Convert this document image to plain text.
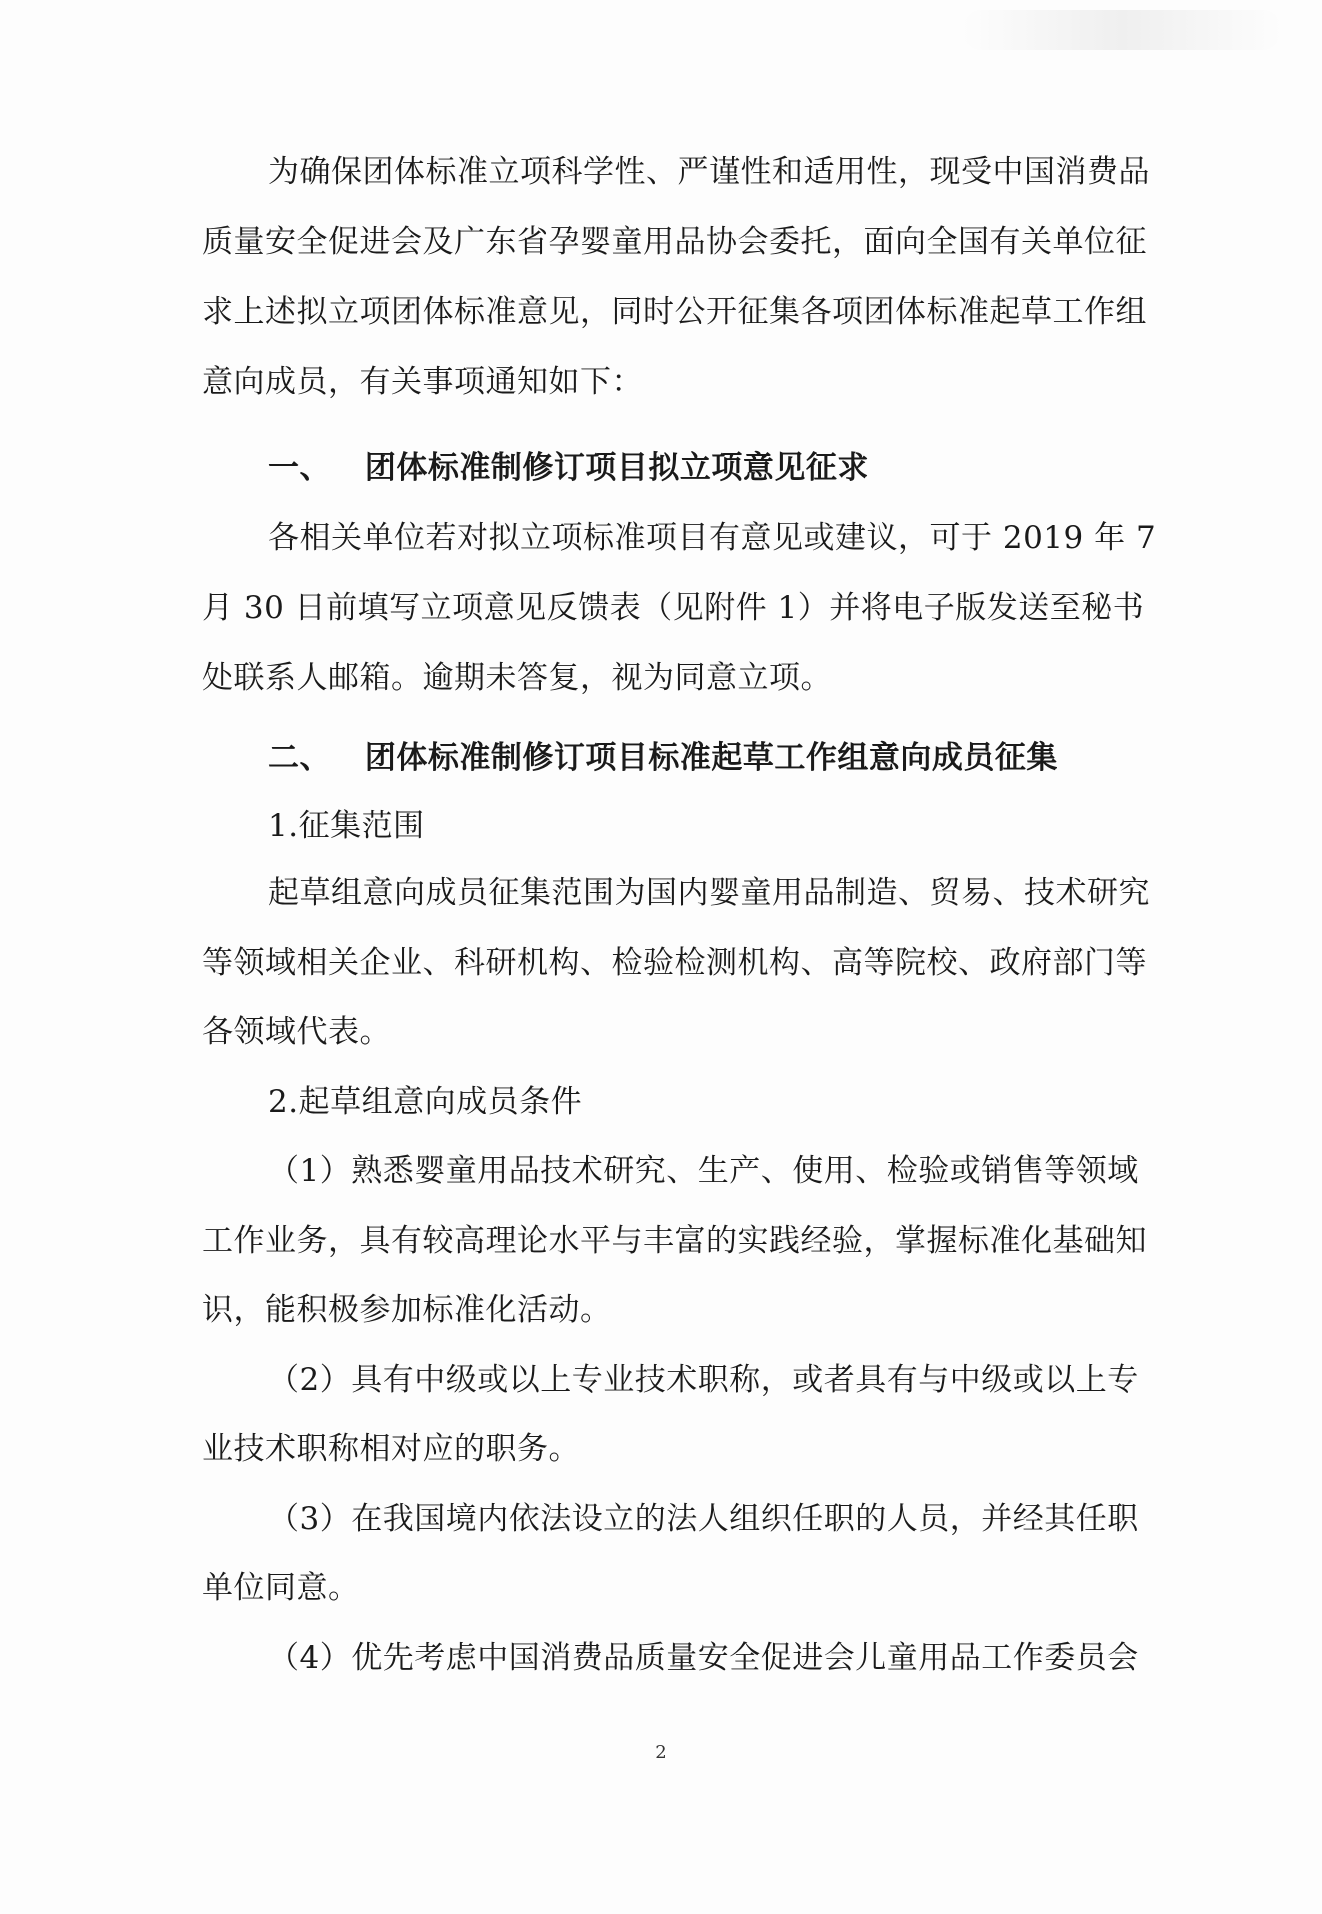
为确保团体标准立项科学性、严谨性和适用性，现受中国消费品
质量安全促进会及广东省孕婴童用品协会委托，面向全国有关单位征
求上述拟立项团体标准意见，同时公开征集各项团体标准起草工作组
意向成员，有关事项通知如下：
一、   团体标准制修订项目拟立项意见征求
各相关单位若对拟立项标准项目有意见或建议，可于 2019 年 7
月 30 日前填写立项意见反馈表（见附件 1）并将电子版发送至秘书
处联系人邮箱。逾期未答复，视为同意立项。
二、   团体标准制修订项目标准起草工作组意向成员征集
1.征集范围
起草组意向成员征集范围为国内婴童用品制造、贸易、技术研究
等领域相关企业、科研机构、检验检测机构、高等院校、政府部门等
各领域代表。
2.起草组意向成员条件
（1）熟悉婴童用品技术研究、生产、使用、检验或销售等领域
工作业务，具有较高理论水平与丰富的实践经验，掌握标准化基础知
识，能积极参加标准化活动。
（2）具有中级或以上专业技术职称，或者具有与中级或以上专
业技术职称相对应的职务。
（3）在我国境内依法设立的法人组织任职的人员，并经其任职
单位同意。
（4）优先考虑中国消费品质量安全促进会儿童用品工作委员会
2
